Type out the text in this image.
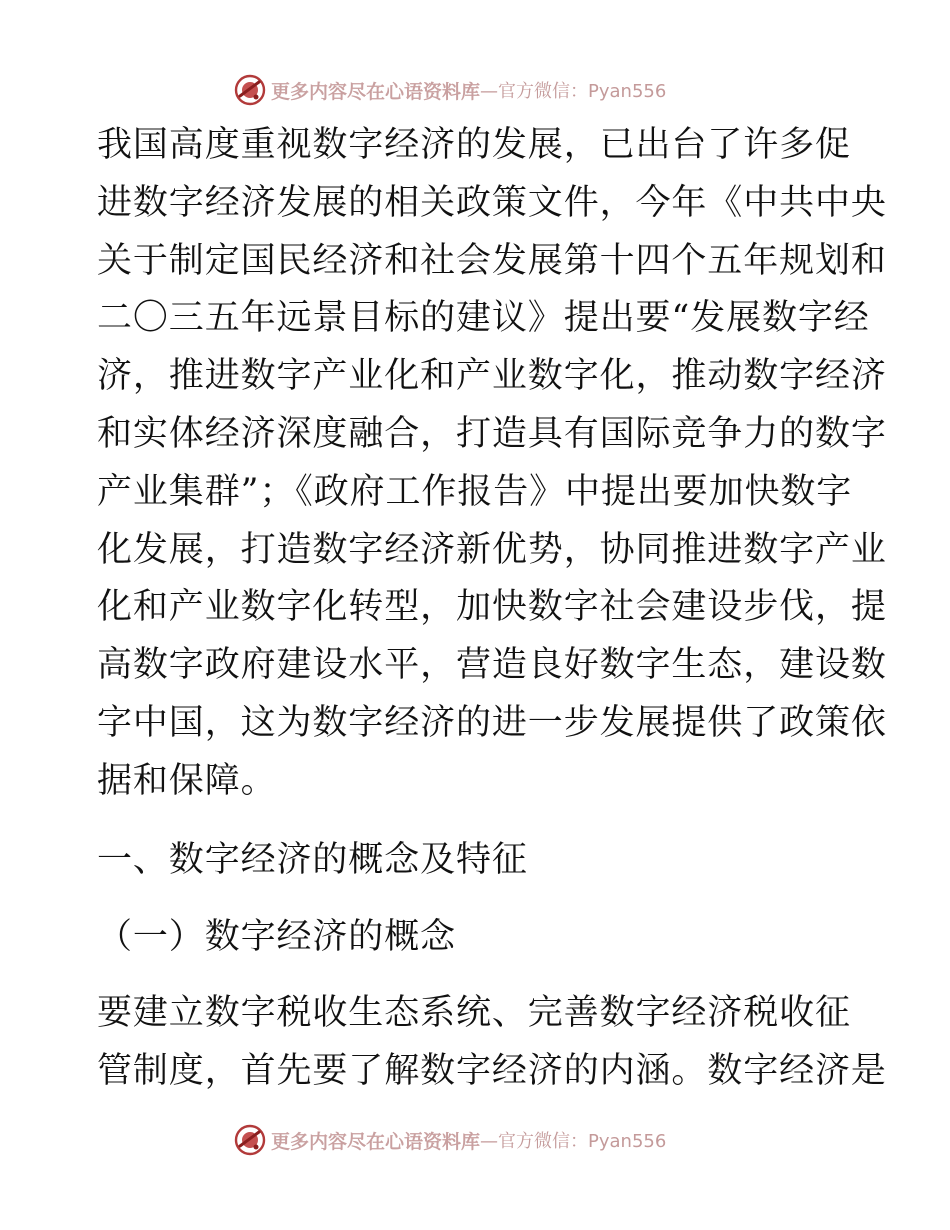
更多内容尽在心语资料库 —官方微信：Pyan556
我国高度重视数字经济的发展，已出台了许多促
进数字经济发展的相关政策文件，今年《中共中央
关于制定国民经济和社会发展第十四个五年规划和
二〇三五年远景目标的建议》提出要“发展数字经
济，推进数字产业化和产业数字化，推动数字经济
和实体经济深度融合，打造具有国际竞争力的数字
产业集群”；《政府工作报告》中提出要加快数字
化发展，打造数字经济新优势，协同推进数字产业
化和产业数字化转型，加快数字社会建设步伐，提
高数字政府建设水平，营造良好数字生态，建设数
字中国，这为数字经济的进一步发展提供了政策依
据和保障。
一、数字经济的概念及特征
（一）数字经济的概念
要建立数字税收生态系统、完善数字经济税收征
管制度，首先要了解数字经济的内涵。数字经济是
更多内容尽在心语资料库 —官方微信：Pyan556
